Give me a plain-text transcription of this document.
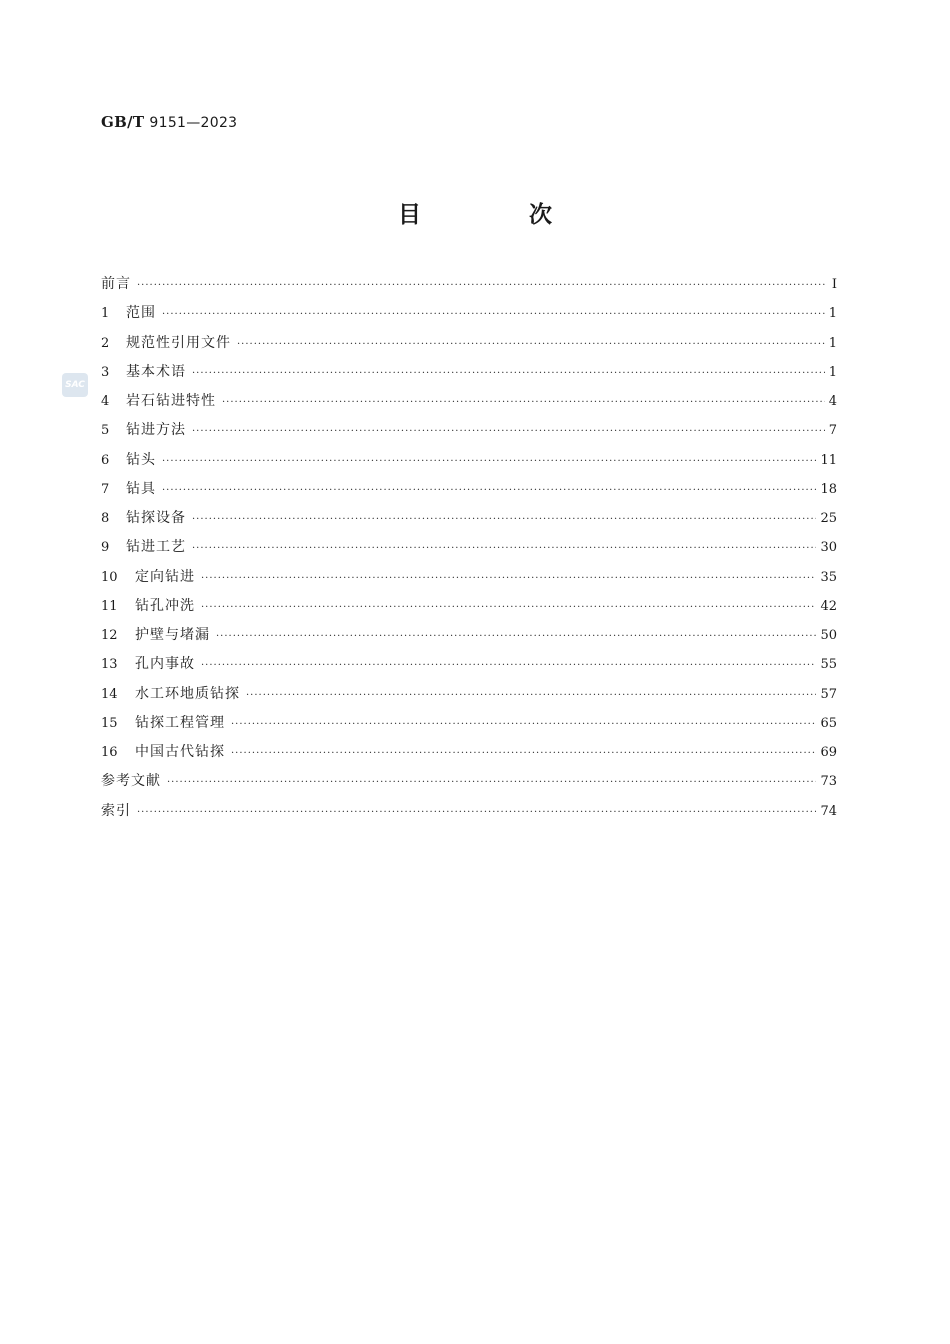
GB/T 9151—2023
目 次
SAC
前言 ·····	Ⅰ
1	范围 ·····	1
2	规范性引用文件 ·····	1
3	基本术语 ·····	1
4	岩石钻进特性 ·····	4
5	钻进方法 ·····	7
6	钻头 ·····	11
7	钻具 ·····	18
8	钻探设备 ·····	25
9	钻进工艺 ·····	30
10	定向钻进 ·····	35
11	钻孔冲洗 ·····	42
12	护壁与堵漏 ·····	50
13	孔内事故 ·····	55
14	水工环地质钻探 ·····	57
15	钻探工程管理 ·····	65
16	中国古代钻探 ·····	69
参考文献 ·····	73
索引 ·····	74
